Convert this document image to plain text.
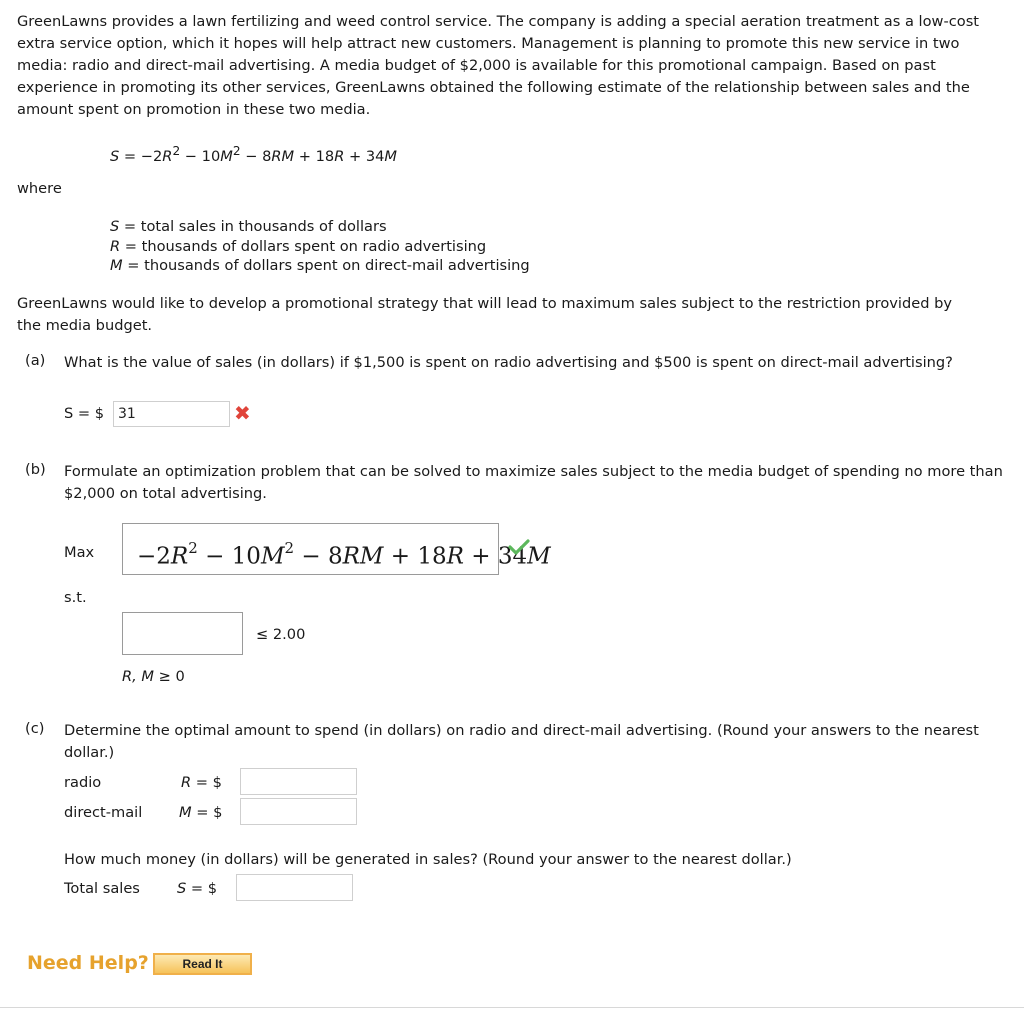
GreenLawns provides a lawn fertilizing and weed control service. The company is adding a special aeration treatment as a low-cost extra service option, which it hopes will help attract new customers. Management is planning to promote this new service in two media: radio and direct-mail advertising. A media budget of $2,000 is available for this promotional campaign. Based on past experience in promoting its other services, GreenLawns obtained the following estimate of the relationship between sales and the amount spent on promotion in these two media.

$S = -2R^2 - 10M^2 - 8RM + 18R + 34M$
where
S = total sales in thousands of dollars
R = thousands of dollars spent on radio advertising
M = thousands of dollars spent on direct-mail advertising

GreenLawns would like to develop a promotional strategy that will lead to maximum sales subject to the restriction provided by the media budget.

(a) What is the value of sales (in dollars) if $1,500 is spent on radio advertising and $500 is spent on direct-mail advertising?

S = $ 31	✖
(b) Formulate an optimization problem that can be solved to maximize sales subject to the media budget of spending no more than $2,000 on total advertising.

Max	$-2R^2 - 10M^2 - 8RM + 18R + 34M$
s.t.
≤ 2.00
R, M ≥ 0
(c) Determine the optimal amount to spend (in dollars) on radio and direct-mail advertising. (Round your answers to the nearest dollar.)

radio	R = $
direct-mail	M = $

How much money (in dollars) will be generated in sales? (Round your answer to the nearest dollar.)

Total sales	S = $
Need Help?	Read It
